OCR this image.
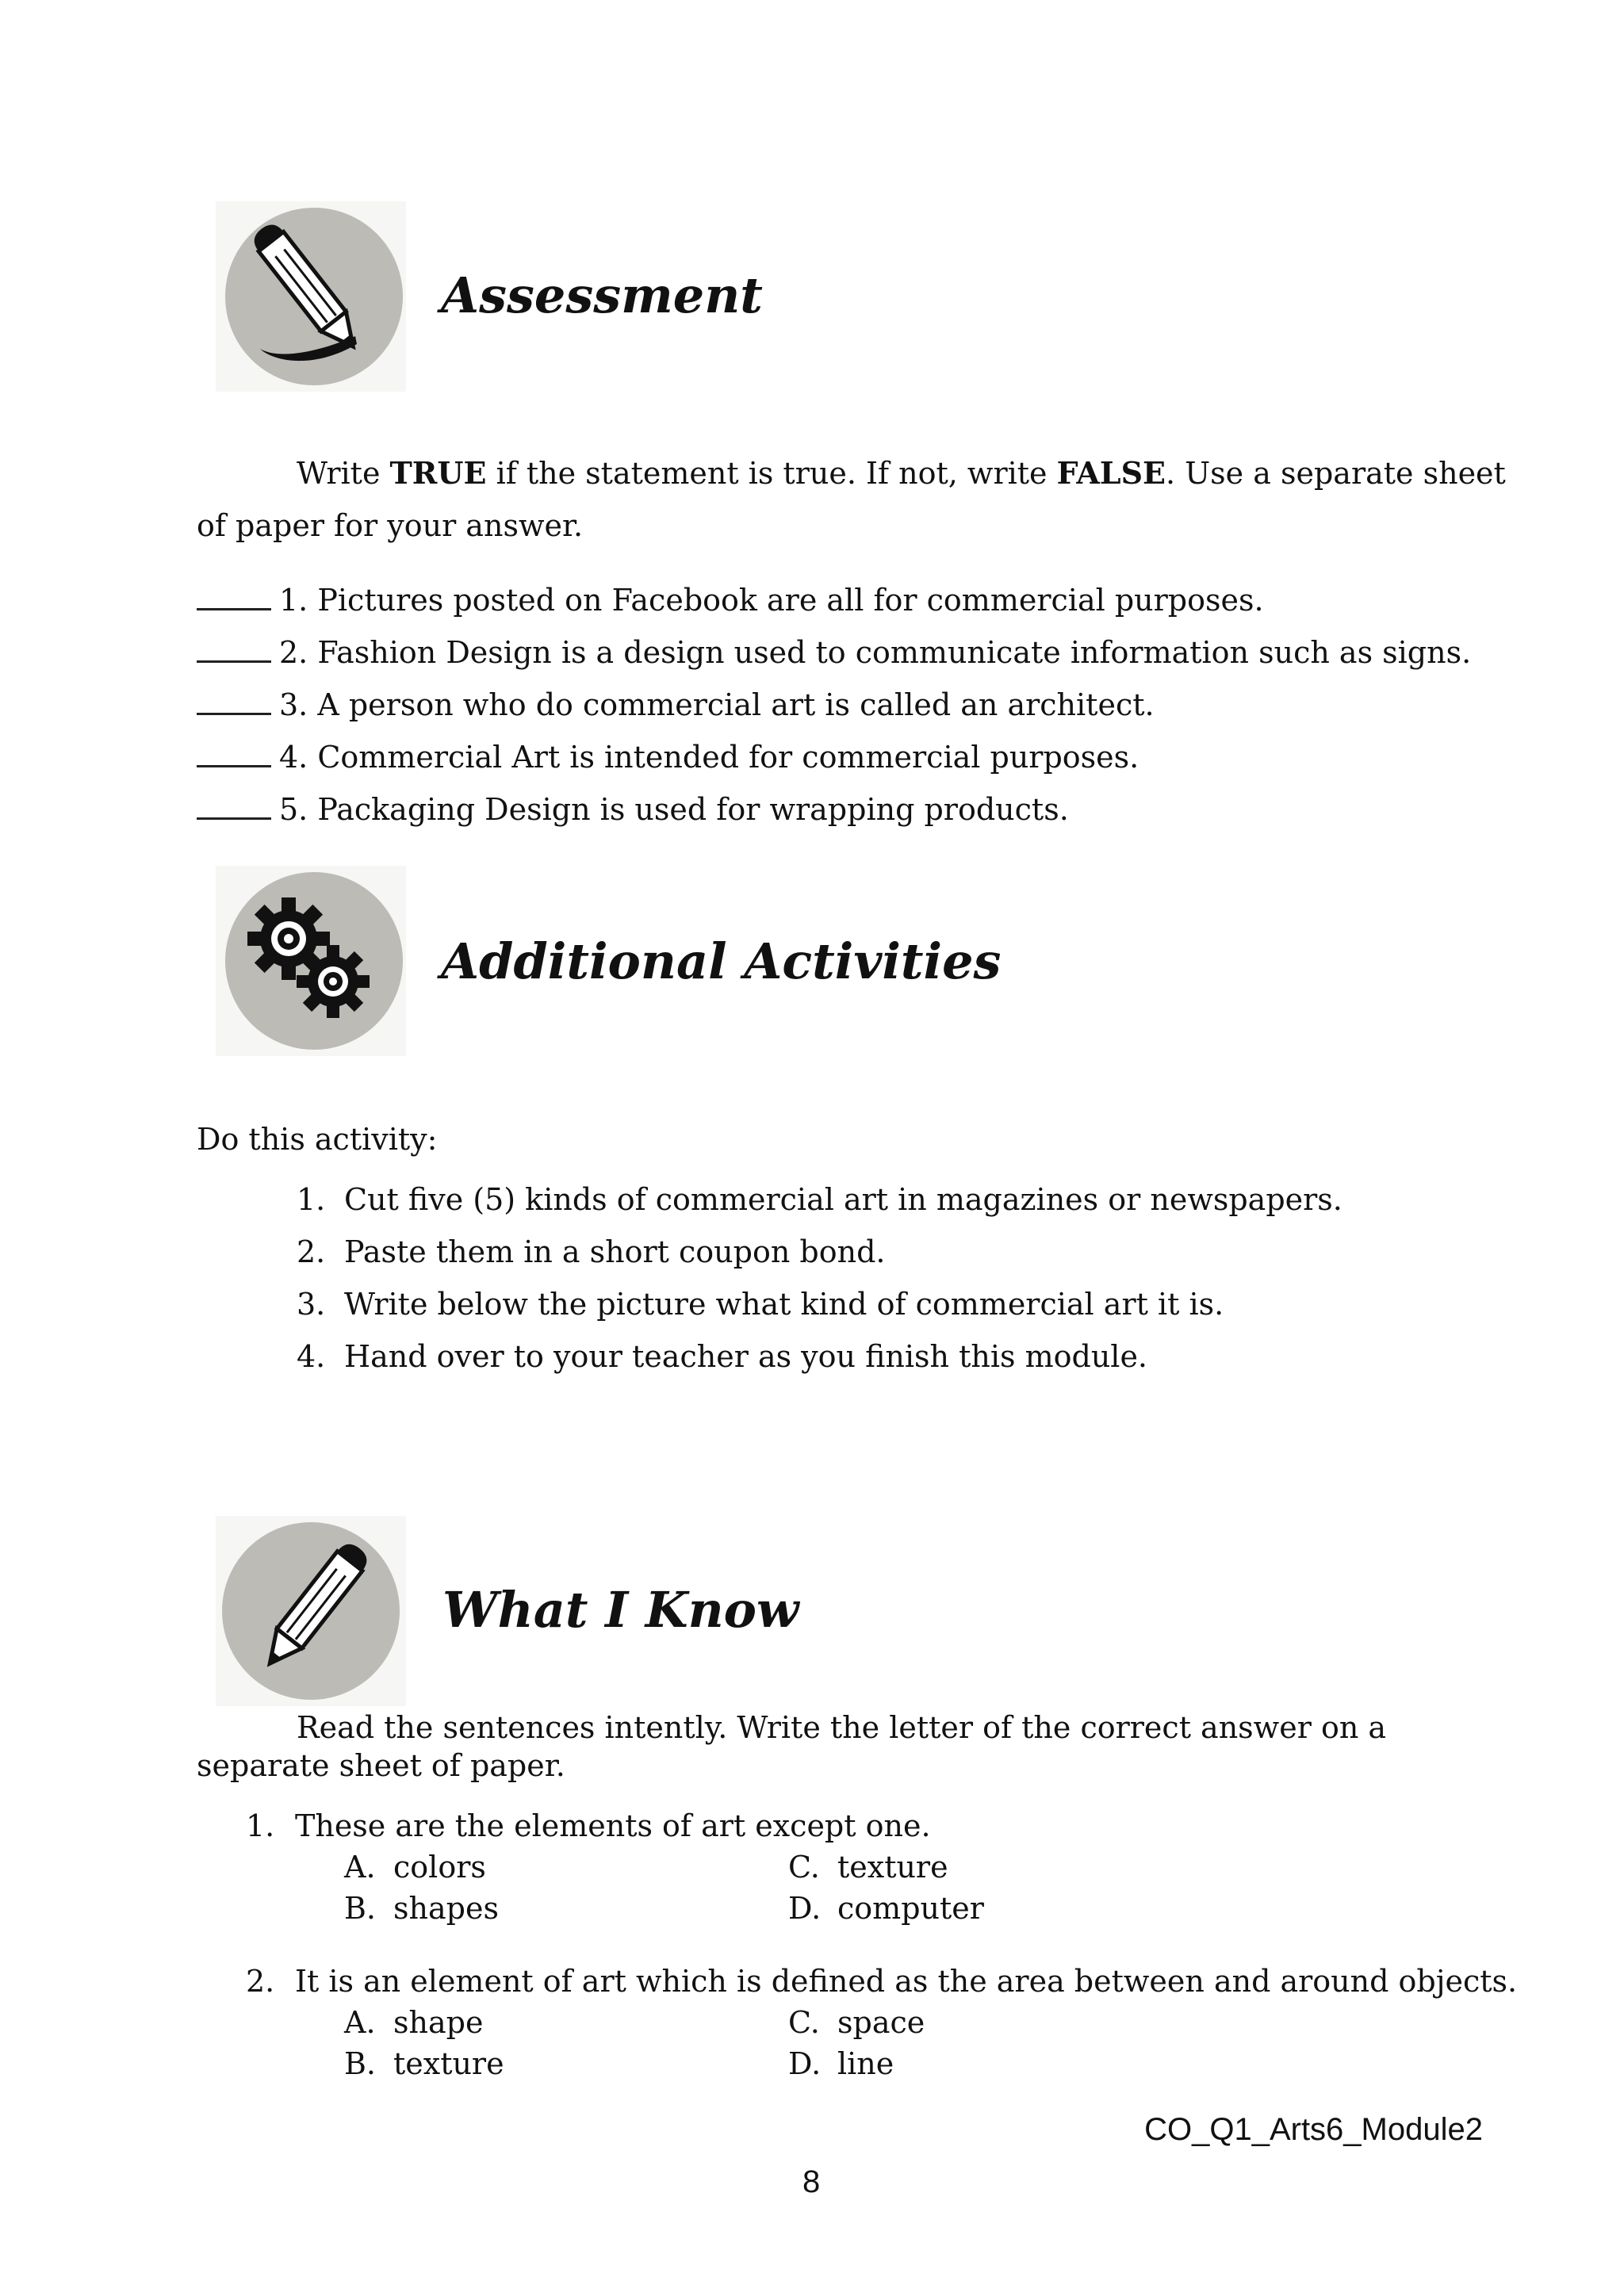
Assessment
Write TRUE if the statement is true. If not, write FALSE. Use a separate sheet
of paper for your answer.
1. Pictures posted on Facebook are all for commercial purposes.
2. Fashion Design is a design used to communicate information such as signs.
3. A person who do commercial art is called an architect.
4. Commercial Art is intended for commercial purposes.
5. Packaging Design is used for wrapping products.
Additional Activities
Do this activity:
1. Cut five (5) kinds of commercial art in magazines or newspapers.
2. Paste them in a short coupon bond.
3. Write below the picture what kind of commercial art it is.
4. Hand over to your teacher as you finish this module.
What I Know
Read the sentences intently. Write the letter of the correct answer on a
separate sheet of paper.
1. These are the elements of art except one.
A. colors	C. texture
B. shapes	D. computer
2. It is an element of art which is defined as the area between and around objects.
A. shape	C. space
B. texture	D. line
CO_Q1_Arts6_Module2
8
